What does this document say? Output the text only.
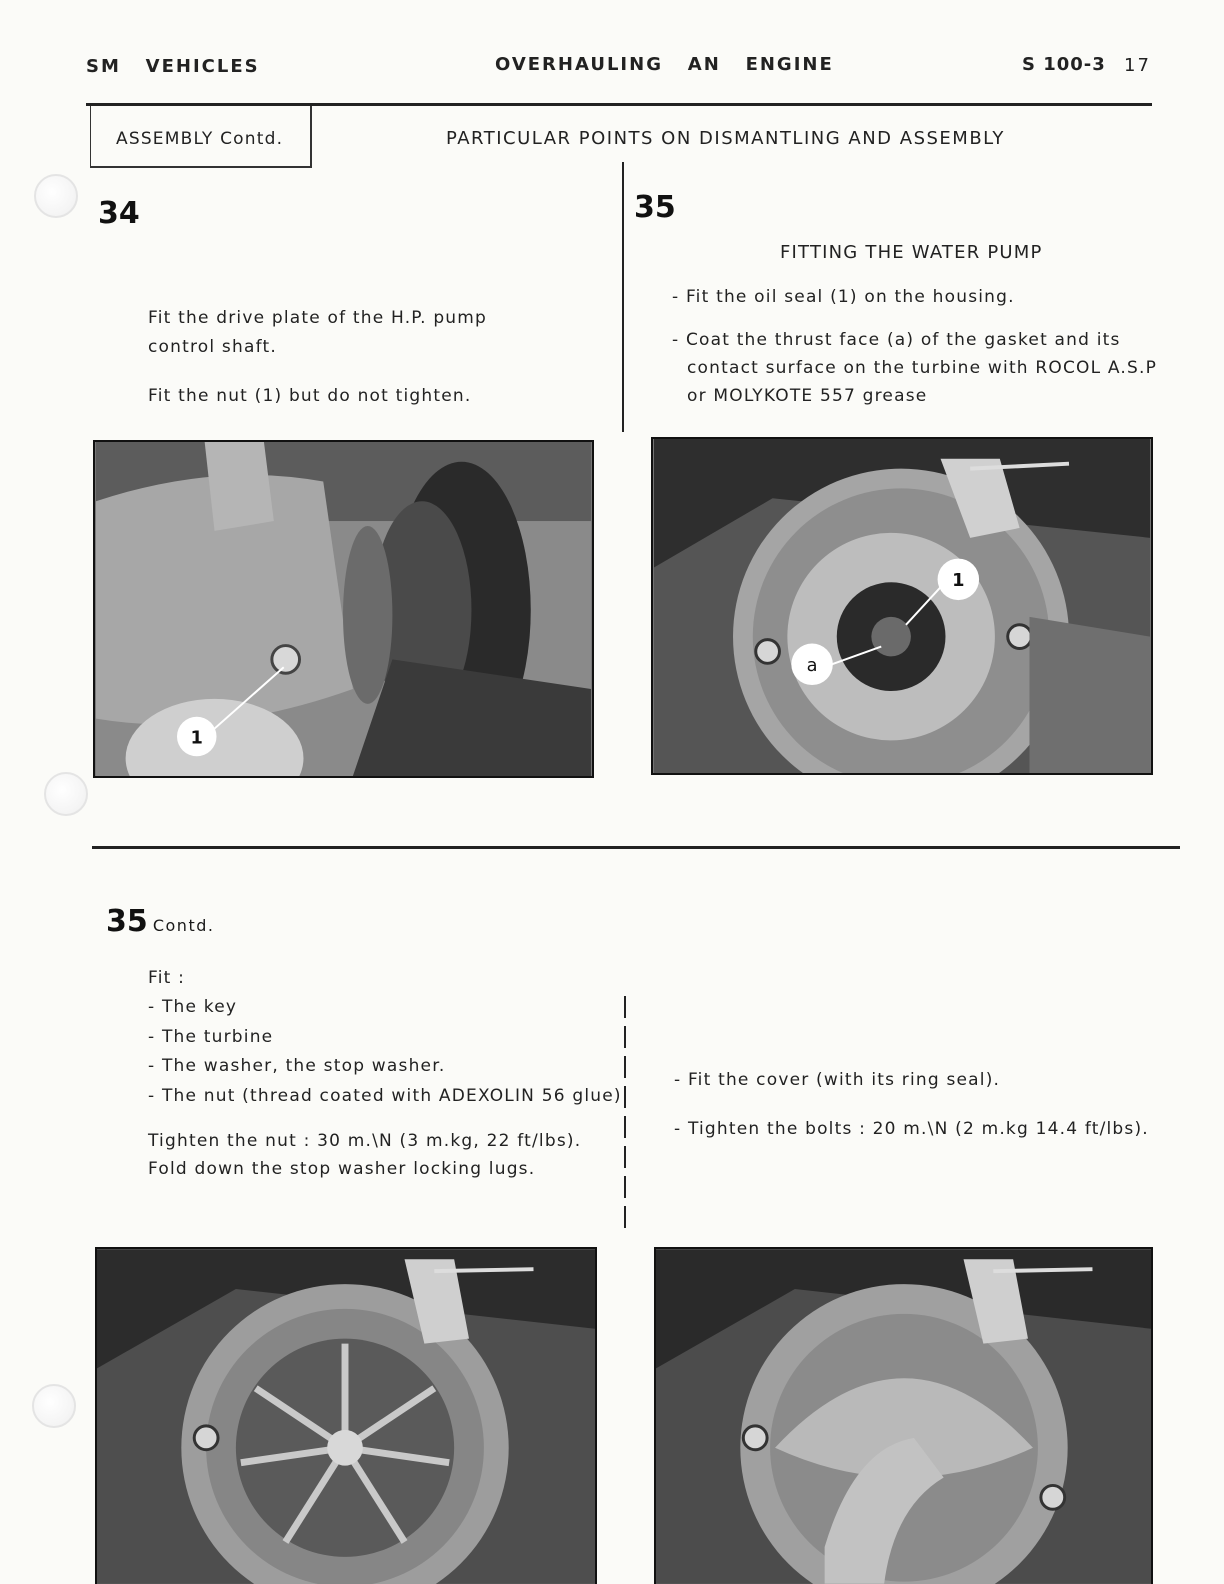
SM   VEHICLES	OVERHAULING   AN   ENGINE	S 100-3 17
ASSEMBLY Contd.	PARTICULAR POINTS ON DISMANTLING AND ASSEMBLY
34
Fit the drive plate of the H.P. pump
control shaft.
Fit the nut (1) but do not tighten.
1
35
FITTING THE WATER PUMP
- Fit the oil seal (1) on the housing.
- Coat the thrust face (a) of the gasket and its
contact surface on the turbine with ROCOL A.S.P
or MOLYKOTE 557 grease
1
a
35 Contd.
Fit :
- The key
- The turbine
- The washer, the stop washer.
- The nut (thread coated with ADEXOLIN 56 glue)
Tighten the nut : 30 m.\N (3 m.kg, 22 ft/lbs).
Fold down the stop washer locking lugs.
- Fit the cover (with its ring seal).
- Tighten the bolts : 20 m.\N (2 m.kg 14.4 ft/lbs).
